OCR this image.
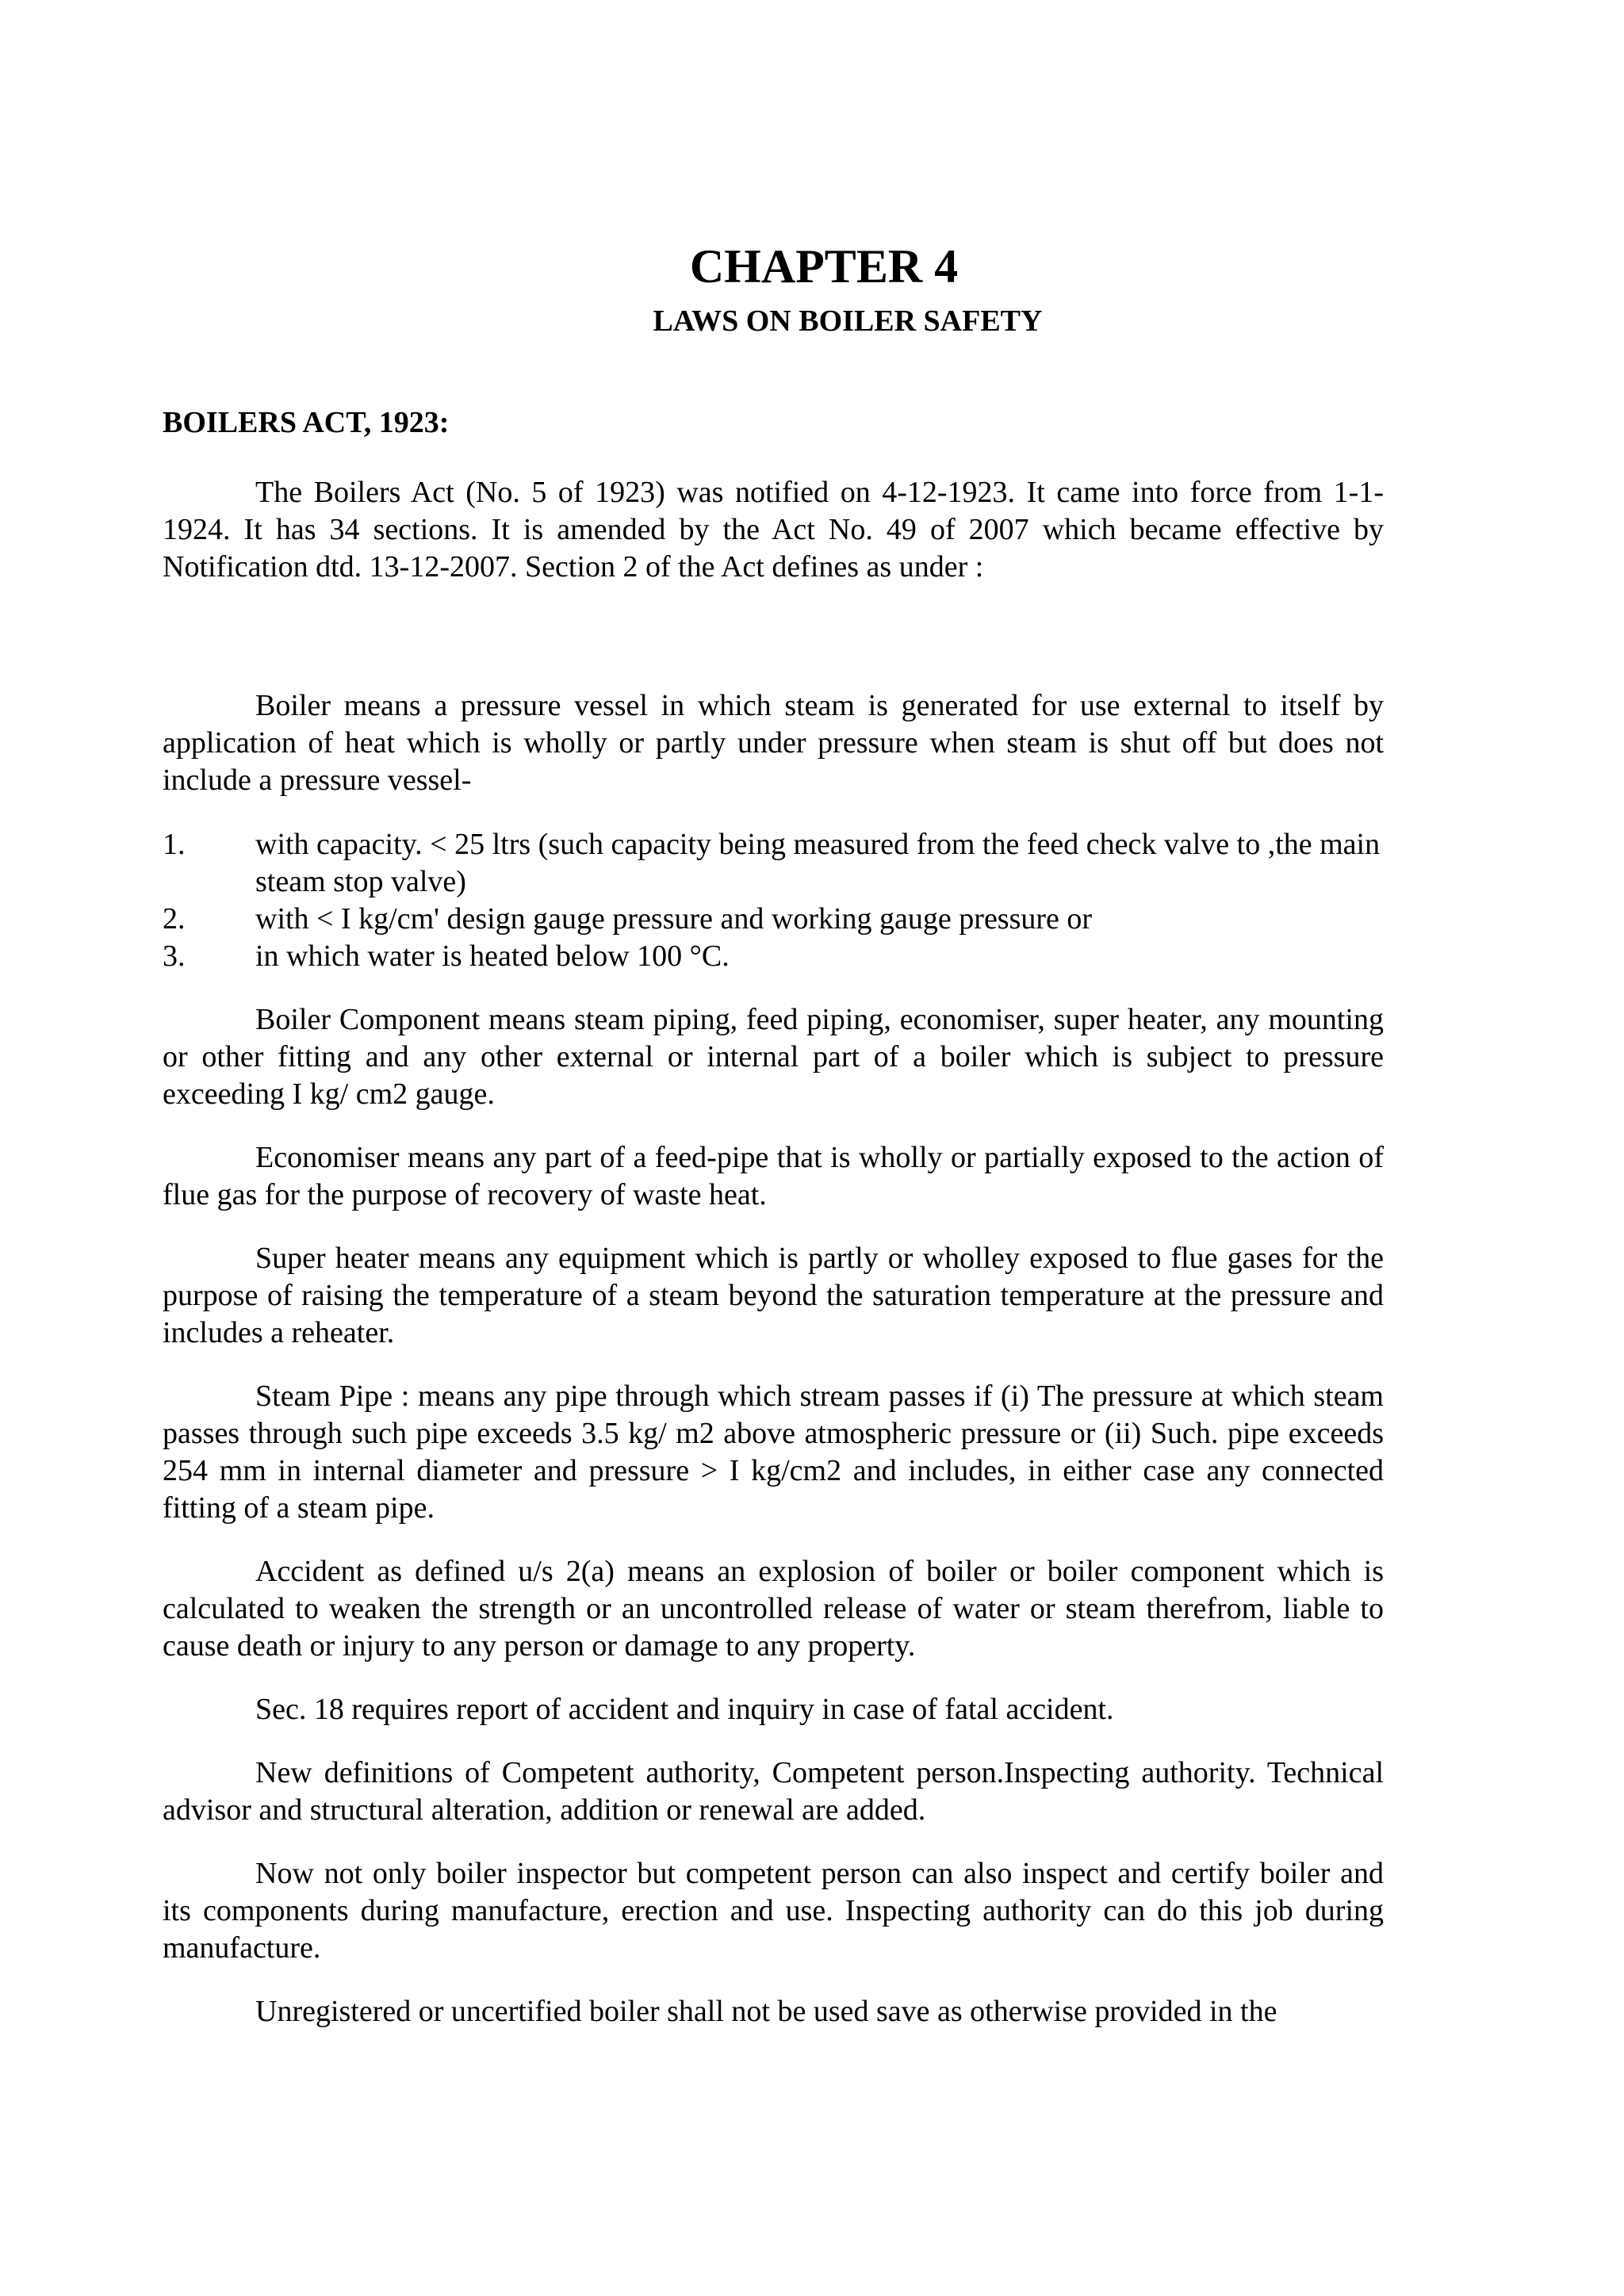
CHAPTER 4
LAWS ON BOILER SAFETY
BOILERS ACT, 1923:

The Boilers Act (No. 5 of 1923) was notified on 4-12-1923. It came into force from 1-1-1924. It has 34 sections. It is amended by the Act No. 49 of 2007 which became effective by Notification dtd. 13-12-2007. Section 2 of the Act defines as under :

Boiler means a pressure vessel in which steam is generated for use external to itself by application of heat which is wholly or partly under pressure when steam is shut off but does not include a pressure vessel-

1.	with capacity. < 25 ltrs (such capacity being measured from the feed check valve to ,the main steam stop valve)
2.	with < I kg/cm' design gauge pressure and working gauge pressure or
3.	in which water is heated below 100 °C.

Boiler Component means steam piping, feed piping, economiser, super heater, any mounting or other fitting and any other external or internal part of a boiler which is subject to pressure exceeding I kg/ cm2 gauge.

Economiser means any part of a feed-pipe that is wholly or partially exposed to the action of flue gas for the purpose of recovery of waste heat.

Super heater means any equipment which is partly or wholley exposed to flue gases for the purpose of raising the temperature of a steam beyond the saturation temperature at the pressure and includes a reheater.

Steam Pipe : means any pipe through which stream passes if (i) The pressure at which steam passes through such pipe exceeds 3.5 kg/ m2 above atmospheric pressure or (ii) Such. pipe exceeds 254 mm in internal diameter and pressure > I kg/cm2 and includes, in either case any connected fitting of a steam pipe.

Accident as defined u/s 2(a) means an explosion of boiler or boiler component which is calculated to weaken the strength or an uncontrolled release of water or steam therefrom, liable to cause death or injury to any person or damage to any property.

Sec. 18 requires report of accident and inquiry in case of fatal accident.

New definitions of Competent authority, Competent person.Inspecting authority. Technical advisor and structural alteration, addition or renewal are added.

Now not only boiler inspector but competent person can also inspect and certify boiler and its components during manufacture, erection and use. Inspecting authority can do this job during manufacture.

Unregistered or uncertified boiler shall not be used save as otherwise provided in the
